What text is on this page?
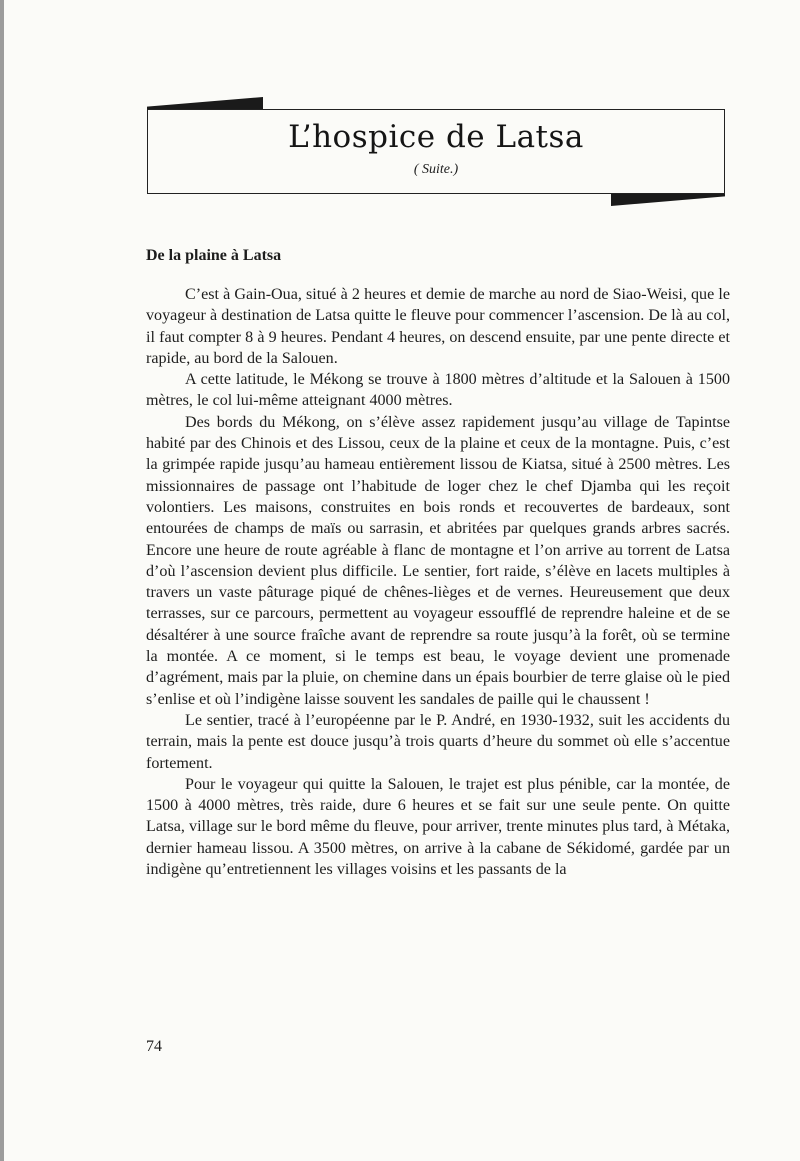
L’hospice de Latsa
( Suite.)
De la plaine à Latsa

C’est à Gain-Oua, situé à 2 heures et demie de marche au nord de Siao-Weisi, que le voyageur à destination de Latsa quitte le fleuve pour commencer l’ascension. De là au col, il faut compter 8 à 9 heures. Pendant 4 heures, on descend ensuite, par une pente directe et rapide, au bord de la Salouen.

A cette latitude, le Mékong se trouve à 1800 mètres d’altitude et la Salouen à 1500 mètres, le col lui-même atteignant 4000 mètres.

Des bords du Mékong, on s’élève assez rapidement jusqu’au village de Tapintse habité par des Chinois et des Lissou, ceux de la plaine et ceux de la montagne. Puis, c’est la grimpée rapide jusqu’au hameau entièrement lissou de Kiatsa, situé à 2500 mètres. Les missionnaires de passage ont l’habitude de loger chez le chef Djamba qui les reçoit volontiers. Les maisons, construites en bois ronds et recouvertes de bardeaux, sont entourées de champs de maïs ou sarrasin, et abritées par quelques grands arbres sacrés. Encore une heure de route agréable à flanc de montagne et l’on arrive au torrent de Latsa d’où l’ascension devient plus difficile. Le sentier, fort raide, s’élève en lacets multiples à travers un vaste pâturage piqué de chênes-lièges et de vernes. Heureusement que deux terrasses, sur ce parcours, permettent au voyageur essoufflé de reprendre haleine et de se désaltérer à une source fraîche avant de reprendre sa route jusqu’à la forêt, où se termine la montée. A ce moment, si le temps est beau, le voyage devient une promenade d’agrément, mais par la pluie, on chemine dans un épais bourbier de terre glaise où le pied s’enlise et où l’indigène laisse souvent les sandales de paille qui le chaussent !

Le sentier, tracé à l’européenne par le P. André, en 1930-1932, suit les accidents du terrain, mais la pente est douce jusqu’à trois quarts d’heure du sommet où elle s’accentue fortement.

Pour le voyageur qui quitte la Salouen, le trajet est plus pénible, car la montée, de 1500 à 4000 mètres, très raide, dure 6 heures et se fait sur une seule pente. On quitte Latsa, village sur le bord même du fleuve, pour arriver, trente minutes plus tard, à Métaka, dernier hameau lissou. A 3500 mètres, on arrive à la cabane de Sékidomé, gardée par un indigène qu’entretiennent les villages voisins et les passants de la

74
